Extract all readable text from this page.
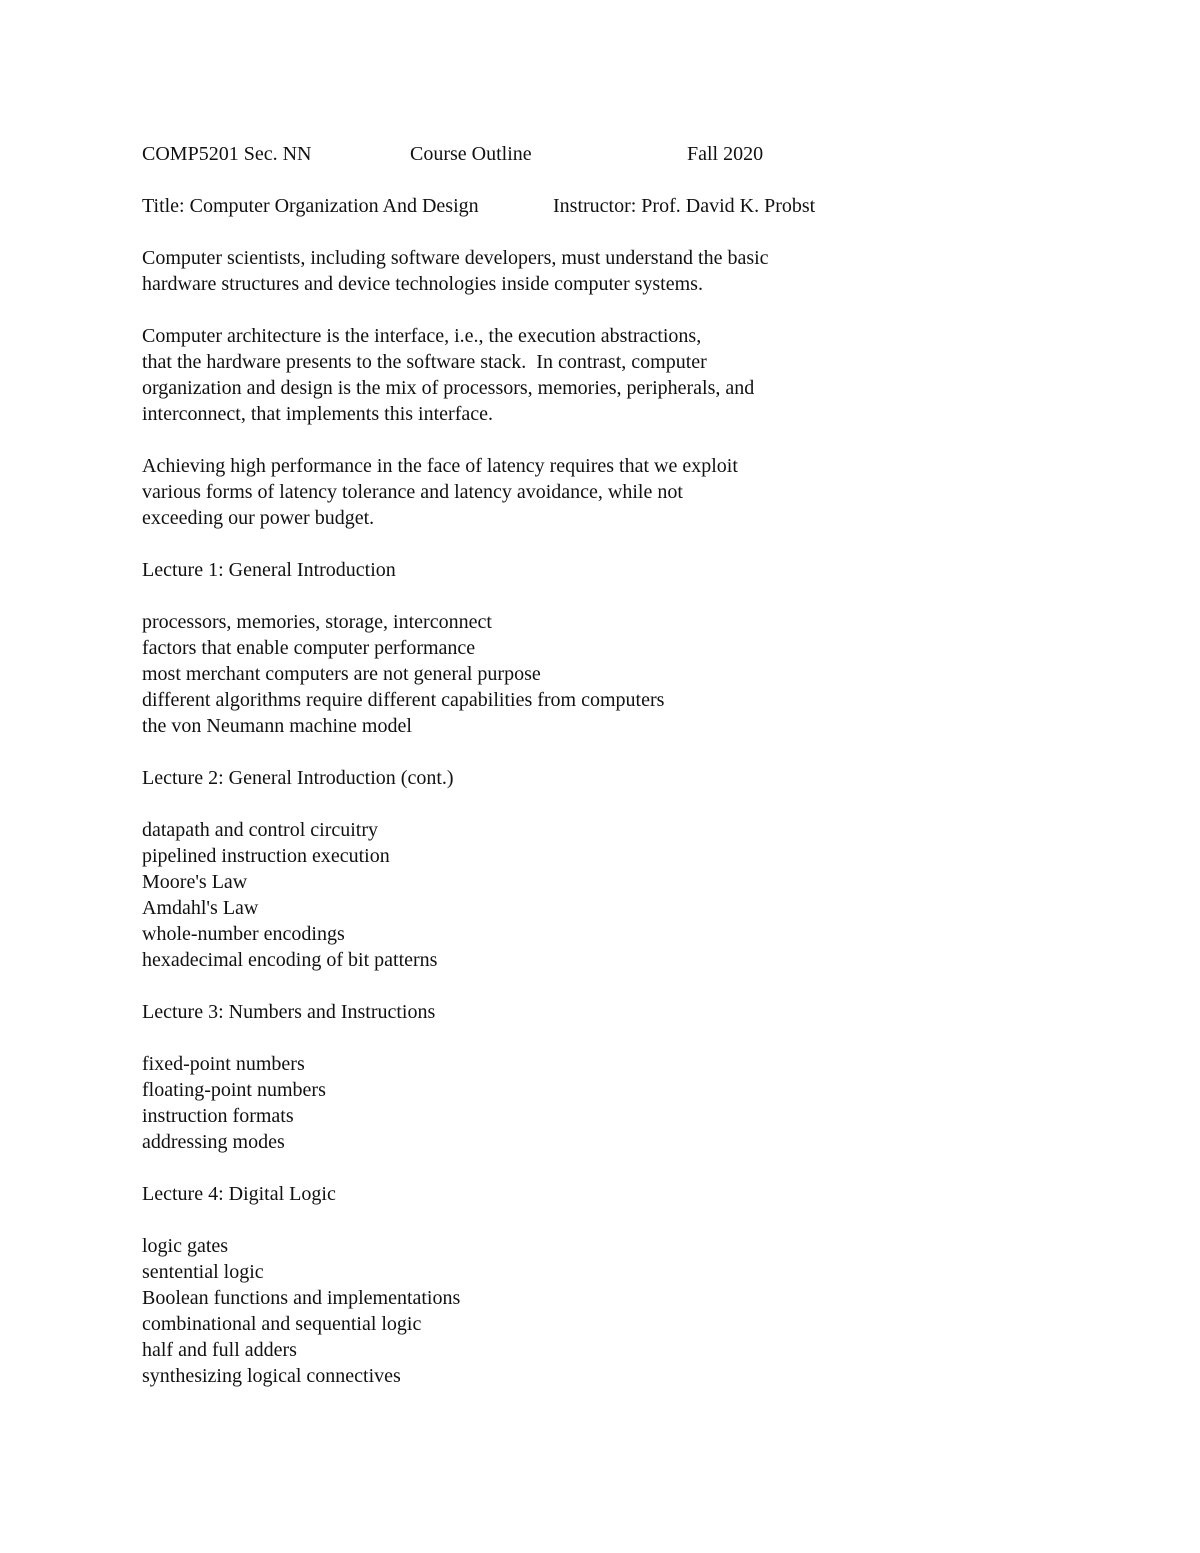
COMP5201 Sec. NN	Course Outline	Fall 2020
Title: Computer Organization And Design	Instructor: Prof. David K. Probst
Computer scientists, including software developers, must understand the basic
hardware structures and device technologies inside computer systems.
Computer architecture is the interface, i.e., the execution abstractions,
that the hardware presents to the software stack.  In contrast, computer
organization and design is the mix of processors, memories, peripherals, and
interconnect, that implements this interface.
Achieving high performance in the face of latency requires that we exploit
various forms of latency tolerance and latency avoidance, while not
exceeding our power budget.
Lecture 1: General Introduction
processors, memories, storage, interconnect
factors that enable computer performance
most merchant computers are not general purpose
different algorithms require different capabilities from computers
the von Neumann machine model
Lecture 2: General Introduction (cont.)
datapath and control circuitry
pipelined instruction execution
Moore's Law
Amdahl's Law
whole-number encodings
hexadecimal encoding of bit patterns
Lecture 3: Numbers and Instructions
fixed-point numbers
floating-point numbers
instruction formats
addressing modes
Lecture 4: Digital Logic
logic gates
sentential logic
Boolean functions and implementations
combinational and sequential logic
half and full adders
synthesizing logical connectives
